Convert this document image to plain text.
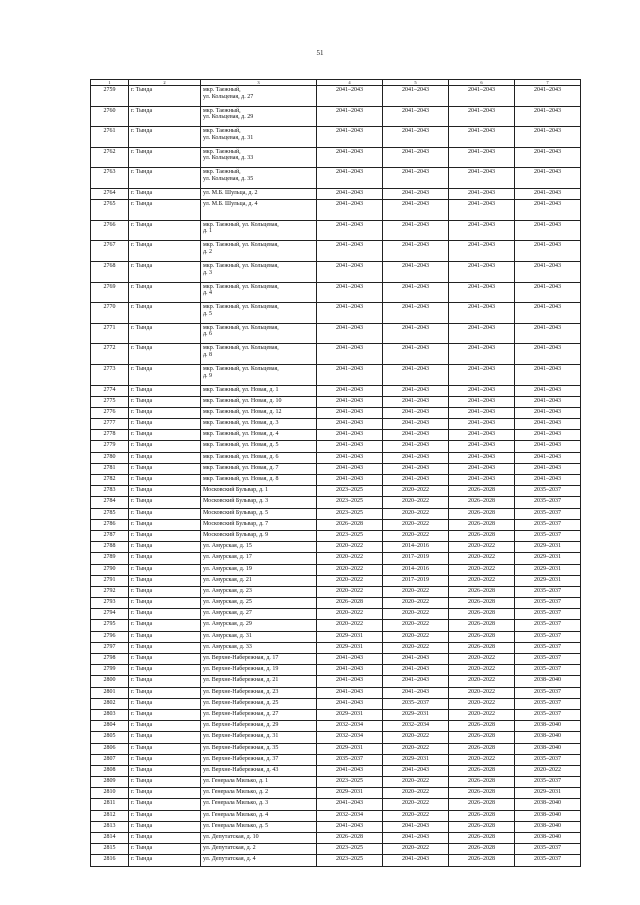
51
1	2	3	4	5	6	7
2759	г. Тында	мкр. Таежный,
ул. Кольцевая, д. 27	2041–2043	2041–2043	2041–2043	2041–2043
2760	г. Тында	мкр. Таежный,
ул. Кольцевая, д. 29	2041–2043	2041–2043	2041–2043	2041–2043
2761	г. Тында	мкр. Таежный,
ул. Кольцевая, д. 31	2041–2043	2041–2043	2041–2043	2041–2043
2762	г. Тында	мкр. Таежный,
ул. Кольцевая, д. 33	2041–2043	2041–2043	2041–2043	2041–2043
2763	г. Тында	мкр. Таежный,
ул. Кольцевая, д. 35	2041–2043	2041–2043	2041–2043	2041–2043
2764	г. Тында	ул. М.Б. Шульца, д. 2	2041–2043	2041–2043	2041–2043	2041–2043
2765	г. Тында	ул. М.Б. Шульца, д. 4	2041–2043	2041–2043	2041–2043	2041–2043
2766	г. Тында	мкр. Таежный, ул. Кольцевая,
д. 1	2041–2043	2041–2043	2041–2043	2041–2043
2767	г. Тында	мкр. Таежный, ул. Кольцевая,
д. 2	2041–2043	2041–2043	2041–2043	2041–2043
2768	г. Тында	мкр. Таежный, ул. Кольцевая,
д. 3	2041–2043	2041–2043	2041–2043	2041–2043
2769	г. Тында	мкр. Таежный, ул. Кольцевая,
д. 4	2041–2043	2041–2043	2041–2043	2041–2043
2770	г. Тында	мкр. Таежный, ул. Кольцевая,
д. 5	2041–2043	2041–2043	2041–2043	2041–2043
2771	г. Тында	мкр. Таежный, ул. Кольцевая,
д. 6	2041–2043	2041–2043	2041–2043	2041–2043
2772	г. Тында	мкр. Таежный, ул. Кольцевая,
д. 8	2041–2043	2041–2043	2041–2043	2041–2043
2773	г. Тында	мкр. Таежный, ул. Кольцевая,
д. 9	2041–2043	2041–2043	2041–2043	2041–2043
2774	г. Тында	мкр. Таежный, ул. Новая, д. 1	2041–2043	2041–2043	2041–2043	2041–2043
2775	г. Тында	мкр. Таежный, ул. Новая, д. 10	2041–2043	2041–2043	2041–2043	2041–2043
2776	г. Тында	мкр. Таежный, ул. Новая, д. 12	2041–2043	2041–2043	2041–2043	2041–2043
2777	г. Тында	мкр. Таежный, ул. Новая, д. 3	2041–2043	2041–2043	2041–2043	2041–2043
2778	г. Тында	мкр. Таежный, ул. Новая, д. 4	2041–2043	2041–2043	2041–2043	2041–2043
2779	г. Тында	мкр. Таежный, ул. Новая, д. 5	2041–2043	2041–2043	2041–2043	2041–2043
2780	г. Тында	мкр. Таежный, ул. Новая, д. 6	2041–2043	2041–2043	2041–2043	2041–2043
2781	г. Тында	мкр. Таежный, ул. Новая, д. 7	2041–2043	2041–2043	2041–2043	2041–2043
2782	г. Тында	мкр. Таежный, ул. Новая, д. 8	2041–2043	2041–2043	2041–2043	2041–2043
2783	г. Тында	Московский Бульвар, д. 1	2023–2025	2020–2022	2026–2028	2035–2037
2784	г. Тында	Московский Бульвар, д. 3	2023–2025	2020–2022	2026–2028	2035–2037
2785	г. Тында	Московский Бульвар, д. 5	2023–2025	2020–2022	2026–2028	2035–2037
2786	г. Тында	Московский Бульвар, д. 7	2026–2028	2020–2022	2026–2028	2035–2037
2787	г. Тында	Московский Бульвар, д. 9	2023–2025	2020–2022	2026–2028	2035–2037
2788	г. Тында	ул. Амурская, д. 15	2020–2022	2014–2016	2020–2022	2029–2031
2789	г. Тында	ул. Амурская, д. 17	2020–2022	2017–2019	2020–2022	2029–2031
2790	г. Тында	ул. Амурская, д. 19	2020–2022	2014–2016	2020–2022	2029–2031
2791	г. Тында	ул. Амурская, д. 21	2020–2022	2017–2019	2020–2022	2029–2031
2792	г. Тында	ул. Амурская, д. 23	2020–2022	2020–2022	2026–2028	2035–2037
2793	г. Тында	ул. Амурская, д. 25	2026–2028	2020–2022	2026–2028	2035–2037
2794	г. Тында	ул. Амурская, д. 27	2020–2022	2020–2022	2026–2028	2035–2037
2795	г. Тында	ул. Амурская, д. 29	2020–2022	2020–2022	2026–2028	2035–2037
2796	г. Тында	ул. Амурская, д. 31	2029–2031	2020–2022	2026–2028	2035–2037
2797	г. Тында	ул. Амурская, д. 33	2029–2031	2020–2022	2026–2028	2035–2037
2798	г. Тында	ул. Верхне-Набережная, д. 17	2041–2043	2041–2043	2020–2022	2035–2037
2799	г. Тында	ул. Верхне-Набережная, д. 19	2041–2043	2041–2043	2020–2022	2035–2037
2800	г. Тында	ул. Верхне-Набережная, д. 21	2041–2043	2041–2043	2020–2022	2038–2040
2801	г. Тында	ул. Верхне-Набережная, д. 23	2041–2043	2041–2043	2020–2022	2035–2037
2802	г. Тында	ул. Верхне-Набережная, д. 25	2041–2043	2035–2037	2020–2022	2035–2037
2803	г. Тында	ул. Верхне-Набережная, д. 27	2029–2031	2029–2031	2020–2022	2035–2037
2804	г. Тында	ул. Верхне-Набережная, д. 29	2032–2034	2032–2034	2026–2028	2038–2040
2805	г. Тында	ул. Верхне-Набережная, д. 31	2032–2034	2020–2022	2026–2028	2038–2040
2806	г. Тында	ул. Верхне-Набережная, д. 35	2029–2031	2020–2022	2026–2028	2038–2040
2807	г. Тында	ул. Верхне-Набережная, д. 37	2035–2037	2029–2031	2020–2022	2035–2037
2808	г. Тында	ул. Верхне-Набережная, д. 43	2041–2043	2041–2043	2026–2028	2020–2022
2809	г. Тында	ул. Генерала Милько, д. 1	2023–2025	2020–2022	2026–2028	2035–2037
2810	г. Тында	ул. Генерала Милько, д. 2	2029–2031	2020–2022	2026–2028	2029–2031
2811	г. Тында	ул. Генерала Милько, д. 3	2041–2043	2020–2022	2026–2028	2038–2040
2812	г. Тында	ул. Генерала Милько, д. 4	2032–2034	2020–2022	2026–2028	2038–2040
2813	г. Тында	ул. Генерала Милько, д. 5	2041–2043	2041–2043	2026–2028	2038–2040
2814	г. Тында	ул. Депутатская, д. 10	2026–2028	2041–2043	2026–2028	2038–2040
2815	г. Тында	ул. Депутатская, д. 2	2023–2025	2020–2022	2026–2028	2035–2037
2816	г. Тында	ул. Депутатская, д. 4	2023–2025	2041–2043	2026–2028	2035–2037
